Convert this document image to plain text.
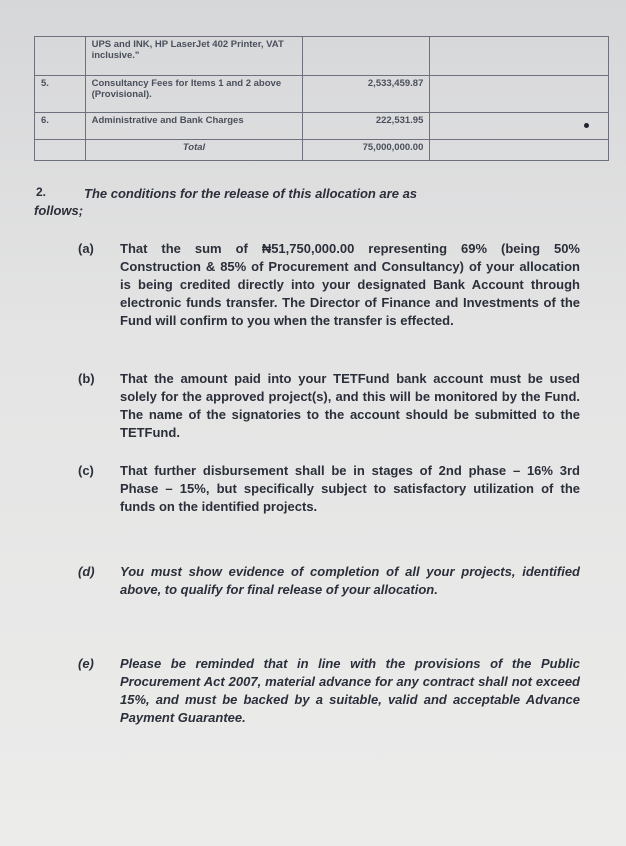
	UPS and INK, HP LaserJet 402 Printer, VAT inclusive."		
5.	Consultancy Fees for Items 1 and 2 above (Provisional).	2,533,459.87	
6.	Administrative and Bank Charges	222,531.95	
	Total	75,000,000.00	
2.	The conditions for the release of this allocation are as
follows;
(a)	That the sum of ₦51,750,000.00 representing 69% (being 50% Construction & 85% of Procurement and Consultancy) of your allocation is being credited directly into your designated Bank Account through electronic funds transfer. The Director of Finance and Investments of the Fund will confirm to you when the transfer is effected.
(b)	That the amount paid into your TETFund bank account must be used solely for the approved project(s), and this will be monitored by the Fund. The name of the signatories to the account should be submitted to the TETFund.
(c)	That further disbursement shall be in stages of 2nd phase – 16% 3rd Phase – 15%, but specifically subject to satisfactory utilization of the funds on the identified projects.
(d)	You must show evidence of completion of all your projects, identified above, to qualify for final release of your allocation.
(e)	Please be reminded that in line with the provisions of the Public Procurement Act 2007, material advance for any contract shall not exceed 15%, and must be backed by a suitable, valid and acceptable Advance Payment Guarantee.
